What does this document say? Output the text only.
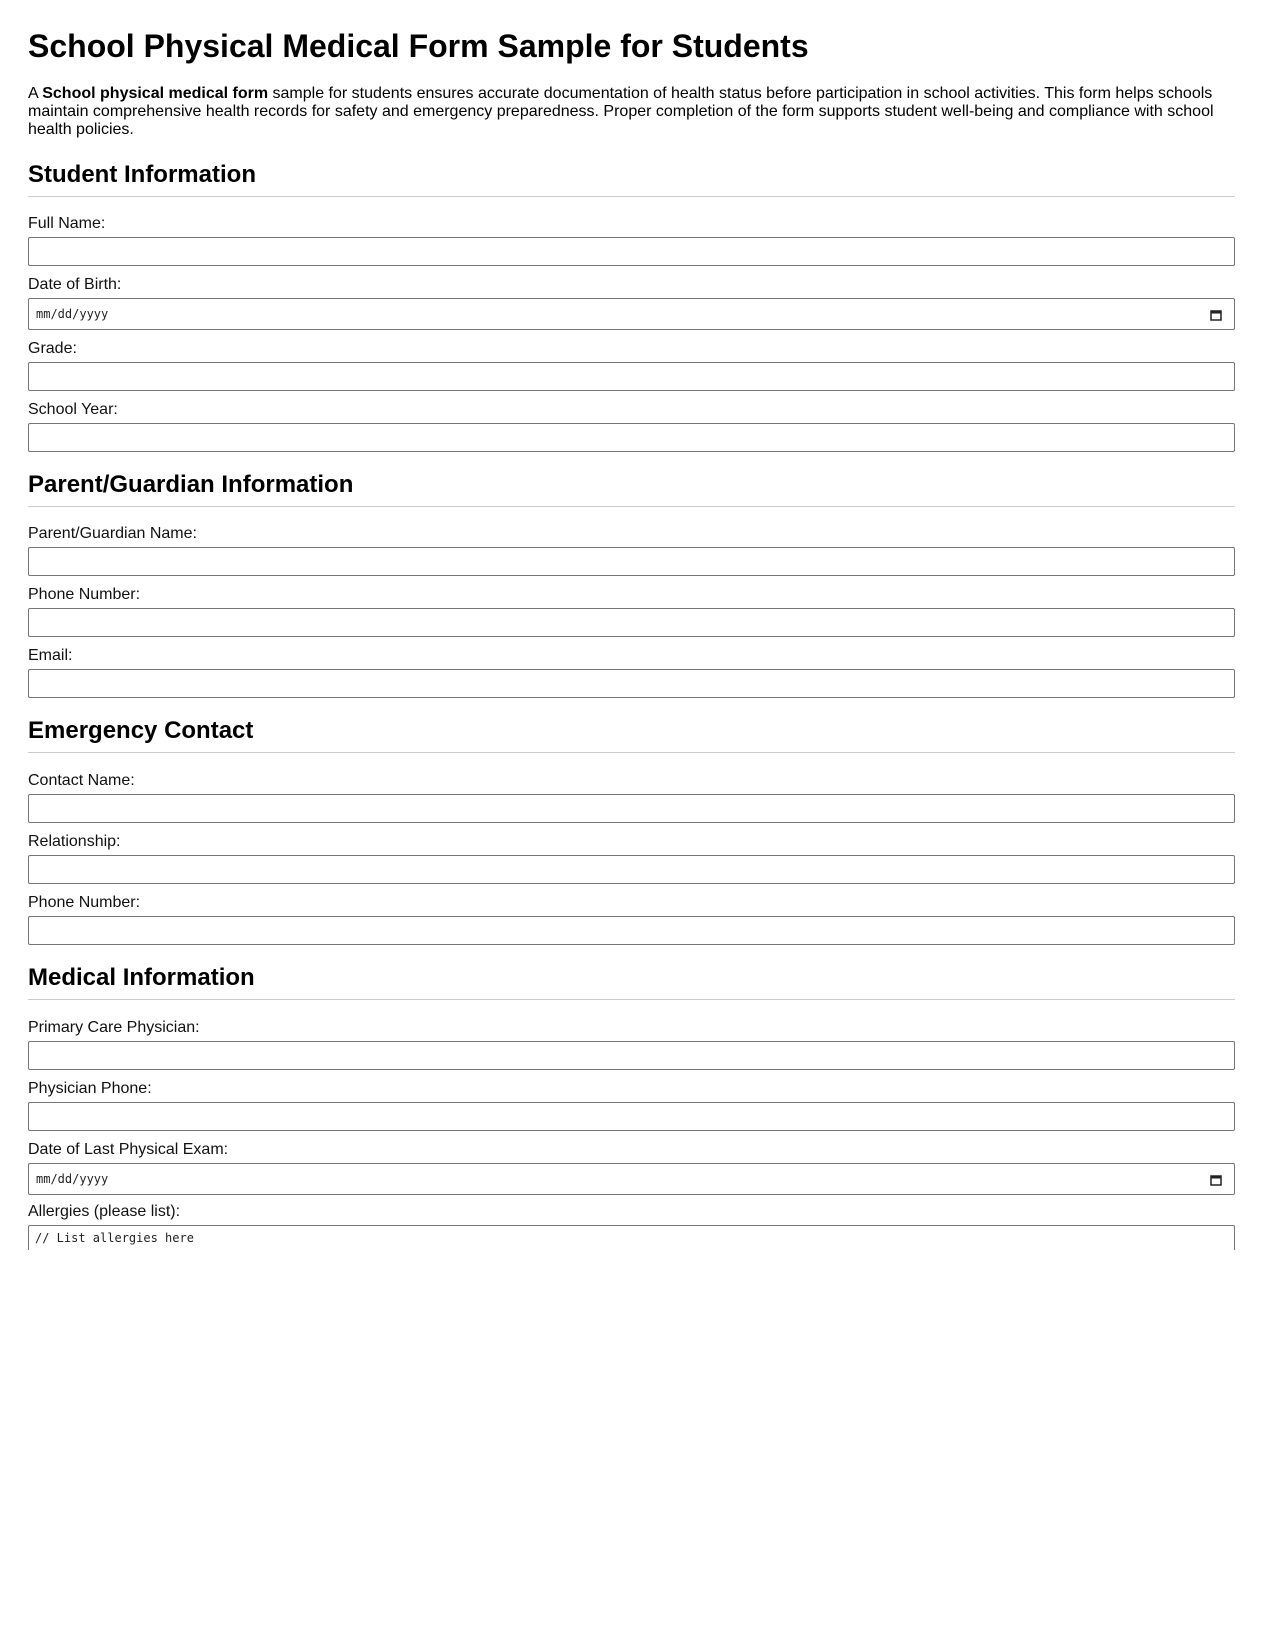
School Physical Medical Form Sample for Students

A School physical medical form sample for students ensures accurate documentation of health status before participation in school activities. This form helps schools maintain comprehensive health records for safety and emergency preparedness. Proper completion of the form supports student well-being and compliance with school health policies.

Student Information
Full Name:
Date of Birth:
mm/dd/yyyy
Grade:
School Year:
Parent/Guardian Information
Parent/Guardian Name:
Phone Number:
Email:
Emergency Contact
Contact Name:
Relationship:
Phone Number:
Medical Information
Primary Care Physician:
Physician Phone:
Date of Last Physical Exam:
mm/dd/yyyy
Allergies (please list):
// List allergies here
